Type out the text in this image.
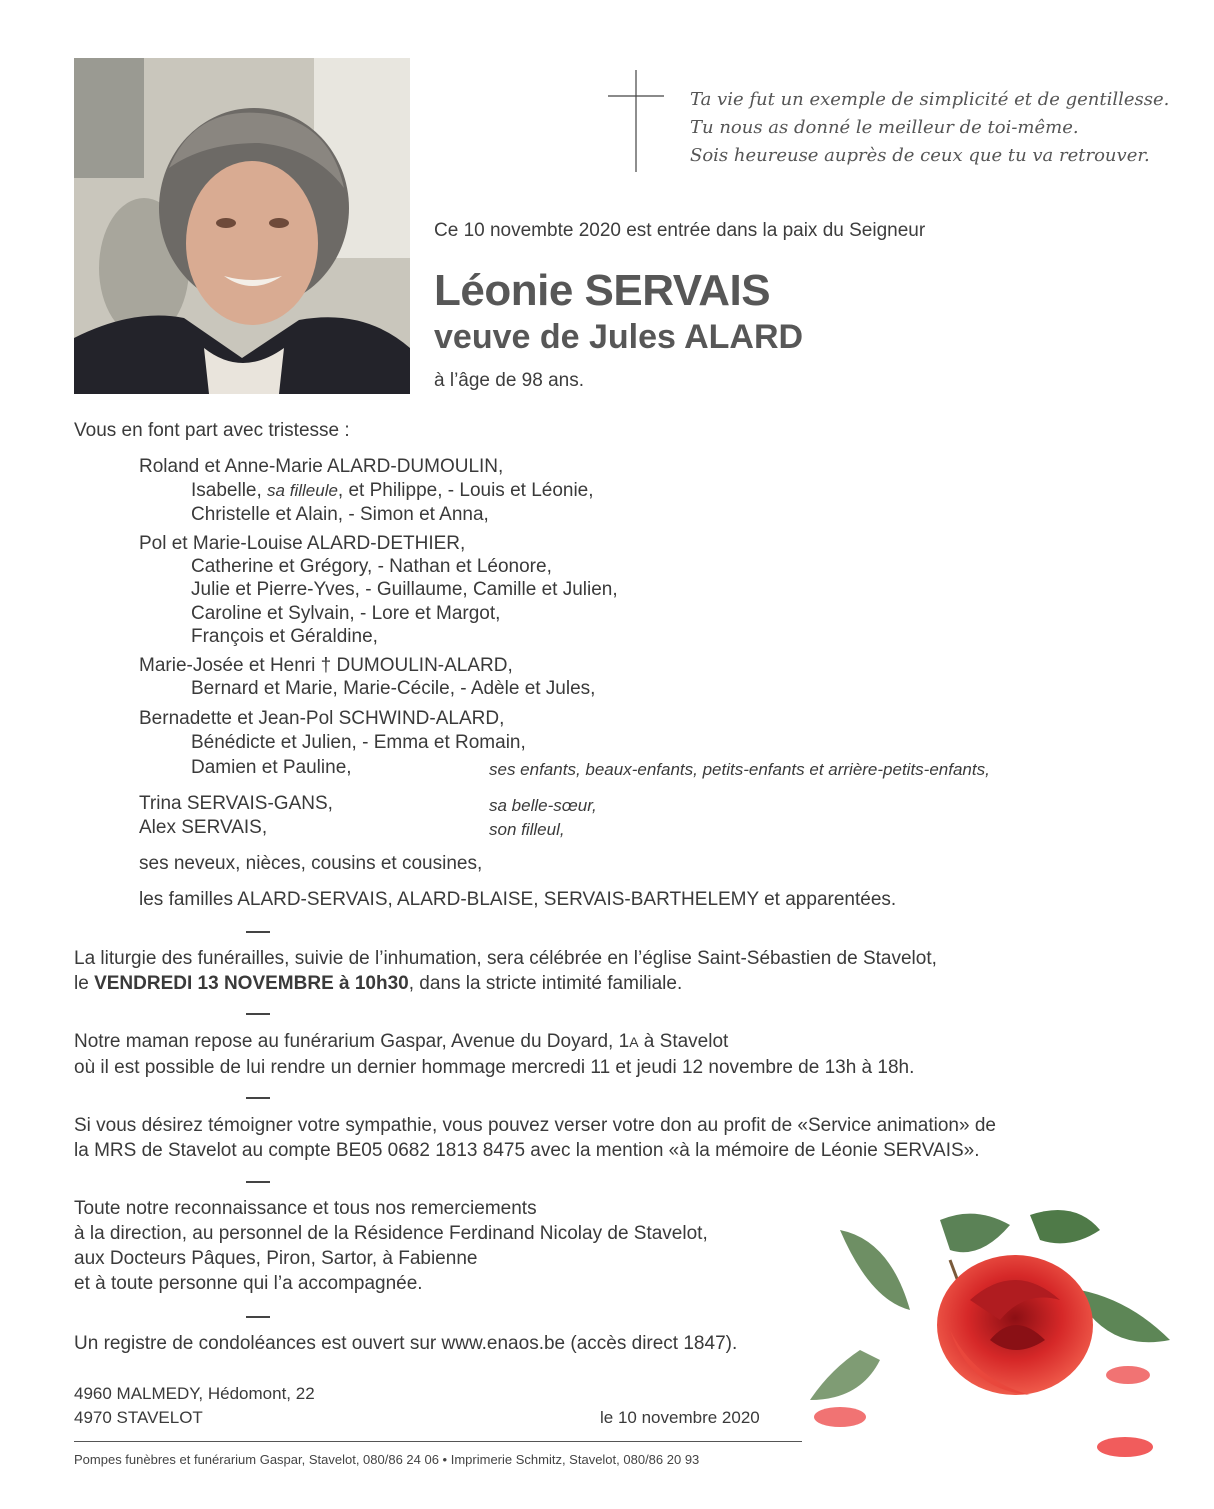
Ta vie fut un exemple de simplicité et de gentillesse.
Tu nous as donné le meilleur de toi-même.
Sois heureuse auprès de ceux que tu va retrouver.
Ce 10 novembte 2020 est entrée dans la paix du Seigneur
Léonie SERVAIS
veuve de Jules ALARD
à l’âge de 98 ans.
Vous en font part avec tristesse :
Roland et Anne-Marie ALARD-DUMOULIN,
Isabelle, sa filleule, et Philippe, - Louis et Léonie,
Christelle et Alain, - Simon et Anna,
Pol et Marie-Louise ALARD-DETHIER,
Catherine et Grégory, - Nathan et Léonore,
Julie et Pierre-Yves, - Guillaume, Camille et Julien,
Caroline et Sylvain, - Lore et Margot,
François et Géraldine,
Marie-Josée et Henri † DUMOULIN-ALARD,
Bernard et Marie, Marie-Cécile, - Adèle et Jules,
Bernadette et Jean-Pol SCHWIND-ALARD,
Bénédicte et Julien, - Emma et Romain,
Damien et Pauline,	ses enfants, beaux-enfants, petits-enfants et arrière-petits-enfants,
Trina SERVAIS-GANS,	sa belle-sœur,
Alex SERVAIS,	son filleul,
ses neveux, nièces, cousins et cousines,
les familles ALARD-SERVAIS, ALARD-BLAISE, SERVAIS-BARTHELEMY et apparentées.
La liturgie des funérailles, suivie de l’inhumation, sera célébrée en l’église Saint-Sébastien de Stavelot,
le VENDREDI 13 NOVEMBRE à 10h30, dans la stricte intimité familiale.
Notre maman repose au funérarium Gaspar, Avenue du Doyard, 1A à Stavelot
où il est possible de lui rendre un dernier hommage mercredi 11 et jeudi 12 novembre de 13h à 18h.
Si vous désirez témoigner votre sympathie, vous pouvez verser votre don au profit de «Service animation» de
la MRS de Stavelot au compte BE05 0682 1813 8475 avec la mention «à la mémoire de Léonie SERVAIS».
Toute notre reconnaissance et tous nos remerciements
à la direction, au personnel de la Résidence Ferdinand Nicolay de Stavelot,
aux Docteurs Pâques, Piron, Sartor, à Fabienne
et à toute personne qui l’a accompagnée.
Un registre de condoléances est ouvert sur www.enaos.be (accès direct 1847).
4960 MALMEDY, Hédomont, 22
4970 STAVELOT	le 10 novembre 2020
Pompes funèbres et funérarium Gaspar, Stavelot, 080/86 24 06 • Imprimerie Schmitz, Stavelot, 080/86 20 93
